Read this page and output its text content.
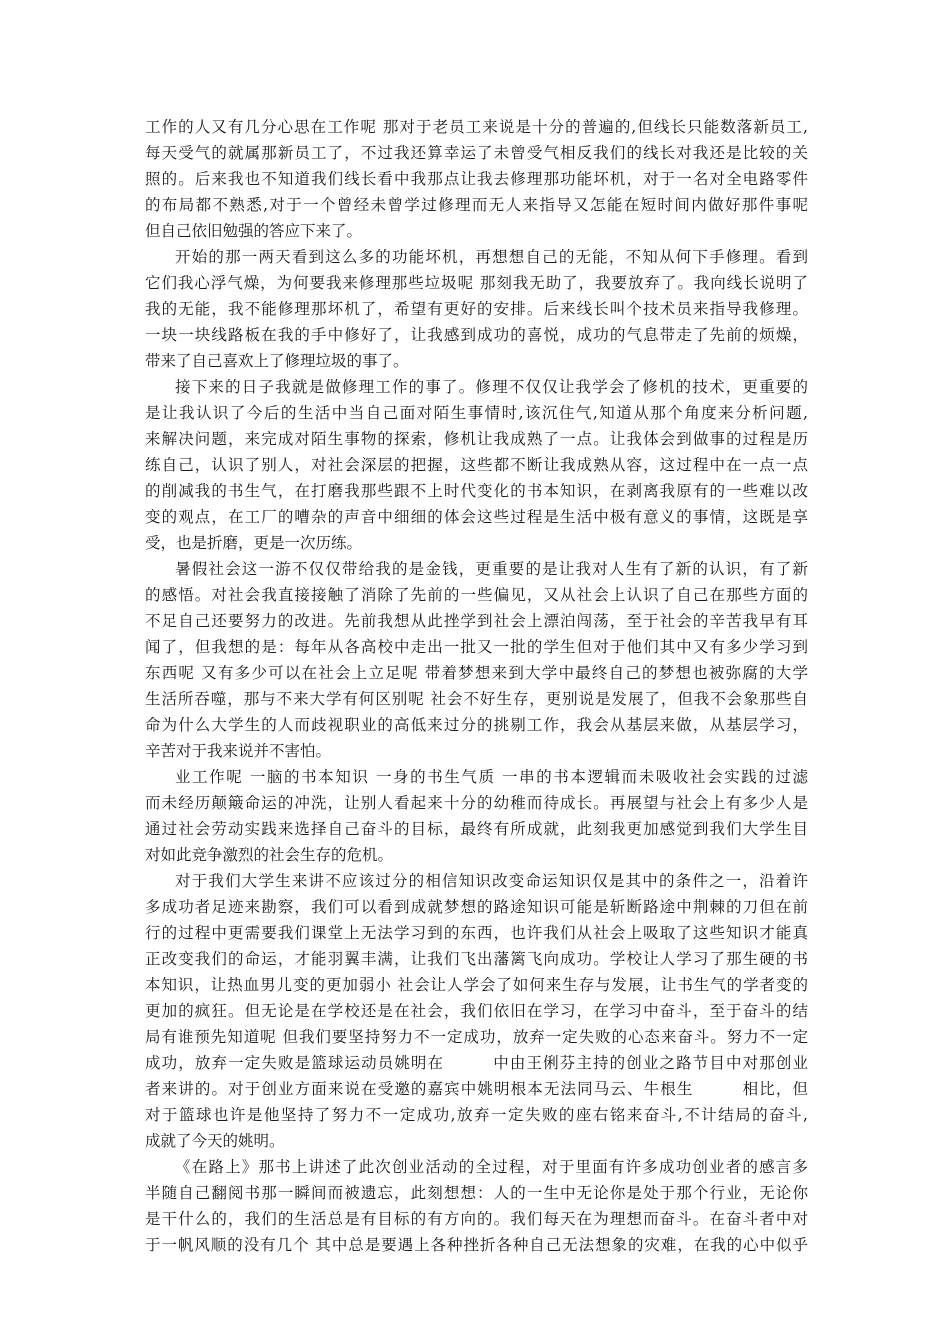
工作的人又有几分心思在工作呢 那对于老员工来说是十分的普遍的,但线长只能数落新员工,

每天受气的就属那新员工了，不过我还算幸运了未曾受气相反我们的线长对我还是比较的关

照的。后来我也不知道我们线长看中我那点让我去修理那功能坏机，对于一名对全电路零件

的布局都不熟悉,对于一个曾经未曾学过修理而无人来指导又怎能在短时间内做好那件事呢

但自己依旧勉强的答应下来了。

开始的那一两天看到这么多的功能坏机，再想想自己的无能，不知从何下手修理。看到

它们我心浮气燥，为何要我来修理那些垃圾呢 那刻我无助了，我要放弃了。我向线长说明了

我的无能，我不能修理那坏机了，希望有更好的安排。后来线长叫个技术员来指导我修理。

一块一块线路板在我的手中修好了，让我感到成功的喜悦，成功的气息带走了先前的烦燥，

带来了自己喜欢上了修理垃圾的事了。

接下来的日子我就是做修理工作的事了。修理不仅仅让我学会了修机的技术，更重要的

是让我认识了今后的生活中当自己面对陌生事情时,该沉住气,知道从那个角度来分析问题,

来解决问题，来完成对陌生事物的探索，修机让我成熟了一点。让我体会到做事的过程是历

练自己，认识了别人，对社会深层的把握，这些都不断让我成熟从容，这过程中在一点一点

的削减我的书生气，在打磨我那些跟不上时代变化的书本知识，在剥离我原有的一些难以改

变的观点，在工厂的嘈杂的声音中细细的体会这些过程是生活中极有意义的事情，这既是享

受，也是折磨，更是一次历练。

暑假社会这一游不仅仅带给我的是金钱，更重要的是让我对人生有了新的认识，有了新

的感悟。对社会我直接接触了消除了先前的一些偏见，又从社会上认识了自己在那些方面的

不足自己还要努力的改进。先前我想从此挫学到社会上漂泊闯荡，至于社会的辛苦我早有耳

闻了，但我想的是：每年从各高校中走出一批又一批的学生但对于他们其中又有多少学习到

东西呢 又有多少可以在社会上立足呢 带着梦想来到大学中最终自己的梦想也被弥腐的大学

生活所吞噬，那与不来大学有何区别呢 社会不好生存，更别说是发展了，但我不会象那些自

命为什么大学生的人而歧视职业的高低来过分的挑剔工作，我会从基层来做，从基层学习，

辛苦对于我来说并不害怕。

业工作呢 一脑的书本知识 一身的书生气质 一串的书本逻辑而未吸收社会实践的过滤

而未经历颠簸命运的冲洗，让别人看起来十分的幼稚而待成长。再展望与社会上有多少人是

通过社会劳动实践来选择自己奋斗的目标，最终有所成就，此刻我更加感觉到我们大学生目

对如此竞争激烈的社会生存的危机。

对于我们大学生来讲不应该过分的相信知识改变命运知识仅是其中的条件之一，沿着许

多成功者足迹来勘察，我们可以看到成就梦想的路途知识可能是斩断路途中荆棘的刀但在前

行的过程中更需要我们课堂上无法学习到的东西，也许我们从社会上吸取了这些知识才能真

正改变我们的命运，才能羽翼丰满，让我们飞出藩篱飞向成功。学校让人学习了那生硬的书

本知识，让热血男儿变的更加弱小 社会让人学会了如何来生存与发展，让书生气的学者变的

更加的疯狂。但无论是在学校还是在社会，我们依旧在学习，在学习中奋斗，至于奋斗的结

局有谁预先知道呢 但我们要坚持努力不一定成功，放弃一定失败的心态来奋斗。努力不一定

成功，放弃一定失败是篮球运动员姚明在	中由王俐芬主持的创业之路节目中对那创业

者来讲的。对于创业方面来说在受邀的嘉宾中姚明根本无法同马云、牛根生	相比，但

对于篮球也许是他坚持了努力不一定成功,放弃一定失败的座右铭来奋斗,不计结局的奋斗,

成就了今天的姚明。

《在路上》那书上讲述了此次创业活动的全过程，对于里面有许多成功创业者的感言多

半随自己翻阅书那一瞬间而被遗忘，此刻想想：人的一生中无论你是处于那个行业，无论你

是干什么的，我们的生活总是有目标的有方向的。我们每天在为理想而奋斗。在奋斗者中对

于一帆风顺的没有几个 其中总是要遇上各种挫折各种自己无法想象的灾难，在我的心中似乎
